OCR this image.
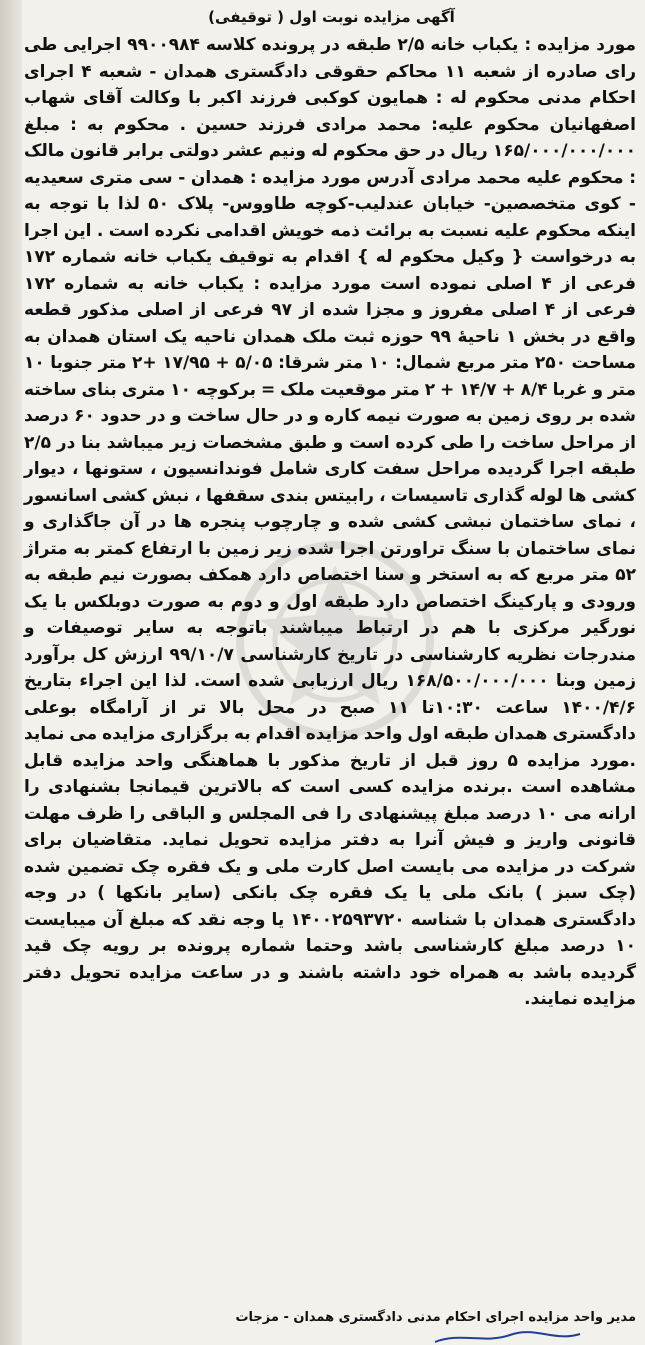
آگهی مزایده نوبت اول ( توقیفی)

مورد مزایده : یکباب خانه ۲/۵ طبقه در پرونده کلاسه ۹۹۰۰۹۸۴ اجرایی طی رای صادره از شعبه ۱۱ محاکم حقوقی دادگستری همدان - شعبه ۴ اجرای احکام مدنی محکوم له : همایون کوکبی فرزند اکبر با وکالت آقای شهاب اصفهانیان محکوم علیه: محمد مرادی فرزند حسین . محکوم به : مبلغ ۱۶۵/۰۰۰/۰۰۰/۰۰۰ ریال در حق محکوم له ونیم عشر دولتی برابر قانون مالک : محکوم علیه محمد مرادی آدرس مورد مزایده : همدان - سی متری سعیدیه - کوی متخصصین- خیابان عندلیب-کوچه طاووس- پلاک ۵۰ لذا با توجه به اینکه محکوم علیه نسبت به برائت ذمه خویش اقدامی نکرده است . این اجرا به درخواست { وکیل محکوم له } اقدام به توقیف یکباب خانه شماره ۱۷۲ فرعی از ۴ اصلی نموده است مورد مزایده : یکباب خانه به شماره ۱۷۲ فرعی از ۴ اصلی مفروز و مجزا شده از ۹۷ فرعی از اصلی مذکور قطعه واقع در بخش ۱ ناحیهٔ ۹۹ حوزه ثبت ملک همدان ناحیه یک استان همدان به مساحت ۲۵۰ متر مربع شمال: ۱۰ متر شرقا: ۵/۰۵ + ۱۷/۹۵ +۲ متر جنوبا ۱۰ متر و غربا ۸/۴ + ۱۴/۷ + ۲ متر موقعیت ملک = برکوچه ۱۰ متری بنای ساخته شده بر روی زمین به صورت نیمه کاره و در حال ساخت و در حدود ۶۰ درصد از مراحل ساخت را طی کرده است و طبق مشخصات زیر میباشد بنا در ۲/۵ طبقه اجرا گردیده مراحل سفت کاری شامل فوندانسیون ، ستونها ، دیوار کشی ها لوله گذاری تاسیسات ، رابیتس بندی سقفها ، نبش کشی اسانسور ، نمای ساختمان نبشی کشی شده و چارچوب پنجره ها در آن جاگذاری و نمای ساختمان با سنگ تراورتن اجرا شده زیر زمین با ارتفاع کمتر به متراژ ۵۲ متر مربع که به استخر و سنا اختصاص دارد همکف بصورت نیم طبقه به ورودی و پارکینگ اختصاص دارد طبقه اول و دوم به صورت دوبلکس با یک نورگیر مرکزی با هم در ارتباط میباشند باتوجه به سایر توصیفات و مندرجات نظریه کارشناسی در تاریخ کارشناسی ۹۹/۱۰/۷ ارزش کل برآورد زمین وبنا ۱۶۸/۵۰۰/۰۰۰/۰۰۰ ریال ارزیابی شده است. لذا این اجراء بتاریخ ۱۴۰۰/۴/۶ ساعت ۱۰:۳۰تا ۱۱ صبح در محل بالا تر از آرامگاه بوعلی دادگستری همدان طبقه اول واحد مزایده اقدام به برگزاری مزایده می نماید .مورد مزایده ۵ روز قبل از تاریخ مذکور با هماهنگی واحد مزایده قابل مشاهده است .برنده مزایده کسی است که بالاترین قیمانجا بشنهادی را ارانه می ۱۰ درصد مبلغ پیشنهادی را فی المجلس و الباقی را ظرف مهلت قانونی واریز و فیش آنرا به دفتر مزایده تحویل نماید. متقاضیان برای شرکت در مزایده می بایست اصل کارت ملی و یک فقره چک تضمین شده (چک سبز ) بانک ملی یا یک فقره چک بانکی (سایر بانکها ) در وجه دادگستری همدان با شناسه ۱۴۰۰۲۵۹۳۷۲۰ یا وجه نقد که مبلغ آن میبایست ۱۰ درصد مبلغ کارشناسی باشد وحتما شماره پرونده بر رویه چک قید گردیده باشد به همراه خود داشته باشند و در ساعت مزایده تحویل دفتر مزایده نمایند.

مدیر واحد مزایده اجرای احکام مدنی دادگستری همدان - مزجات
